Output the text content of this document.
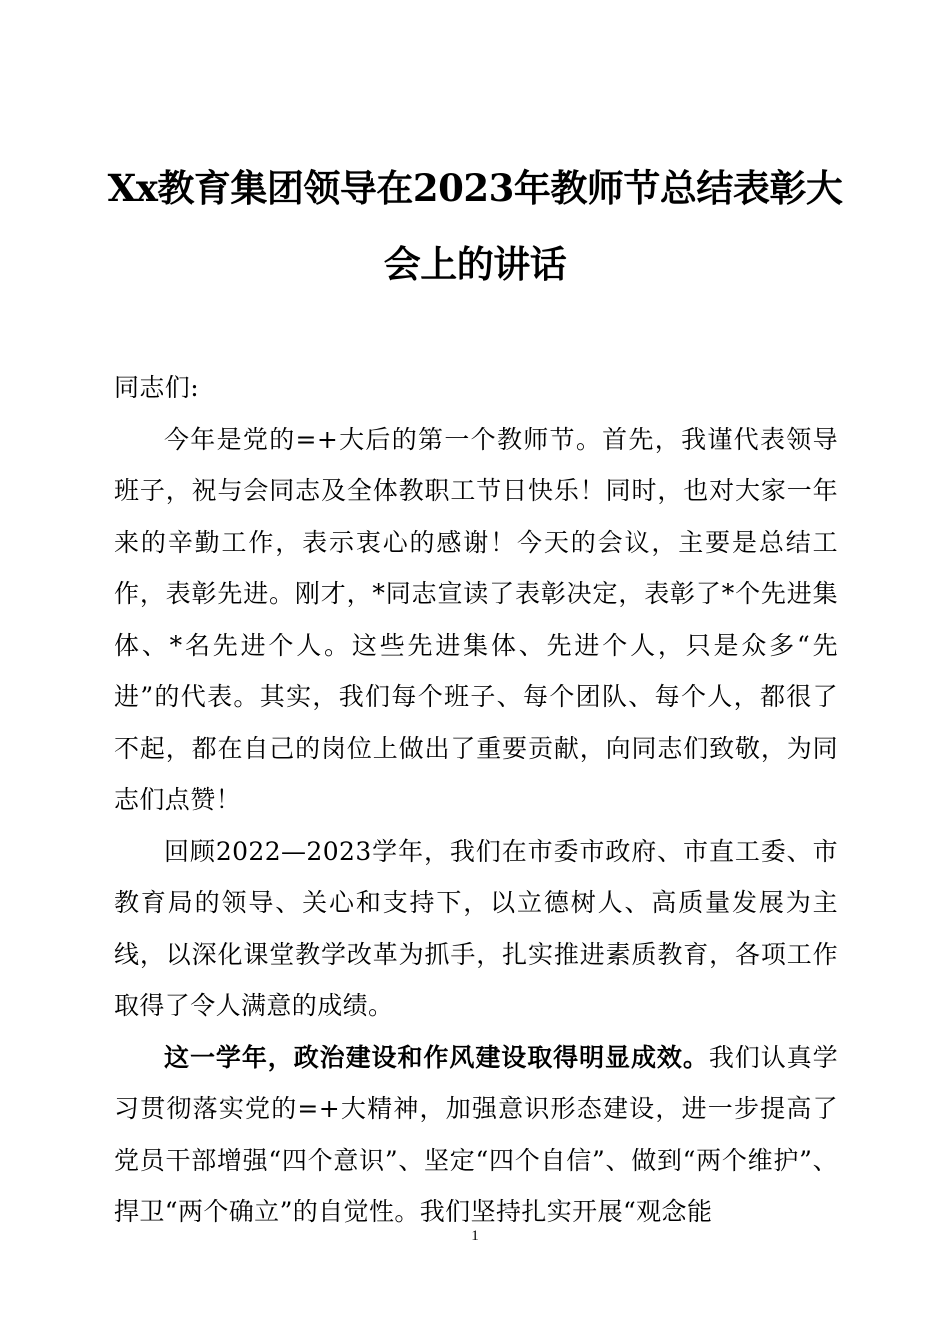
Xx教育集团领导在2023年教师节总结表彰大会上的讲话

同志们:

今年是党的=+大后的第一个教师节。首先，我谨代表领导班子，祝与会同志及全体教职工节日快乐！同时，也对大家一年来的辛勤工作，表示衷心的感谢！今天的会议，主要是总结工作，表彰先进。刚才，*同志宣读了表彰决定，表彰了*个先进集体、*名先进个人。这些先进集体、先进个人，只是众多“先进”的代表。其实，我们每个班子、每个团队、每个人，都很了不起，都在自己的岗位上做出了重要贡献，向同志们致敬，为同志们点赞！

回顾2022—2023学年，我们在市委市政府、市直工委、市教育局的领导、关心和支持下，以立德树人、高质量发展为主线，以深化课堂教学改革为抓手，扎实推进素质教育，各项工作取得了令人满意的成绩。

这一学年，政治建设和作风建设取得明显成效。我们认真学习贯彻落实党的=+大精神，加强意识形态建设，进一步提高了党员干部增强“四个意识”、坚定“四个自信”、做到“两个维护”、捍卫“两个确立”的自觉性。我们坚持扎实开展“观念能

1
